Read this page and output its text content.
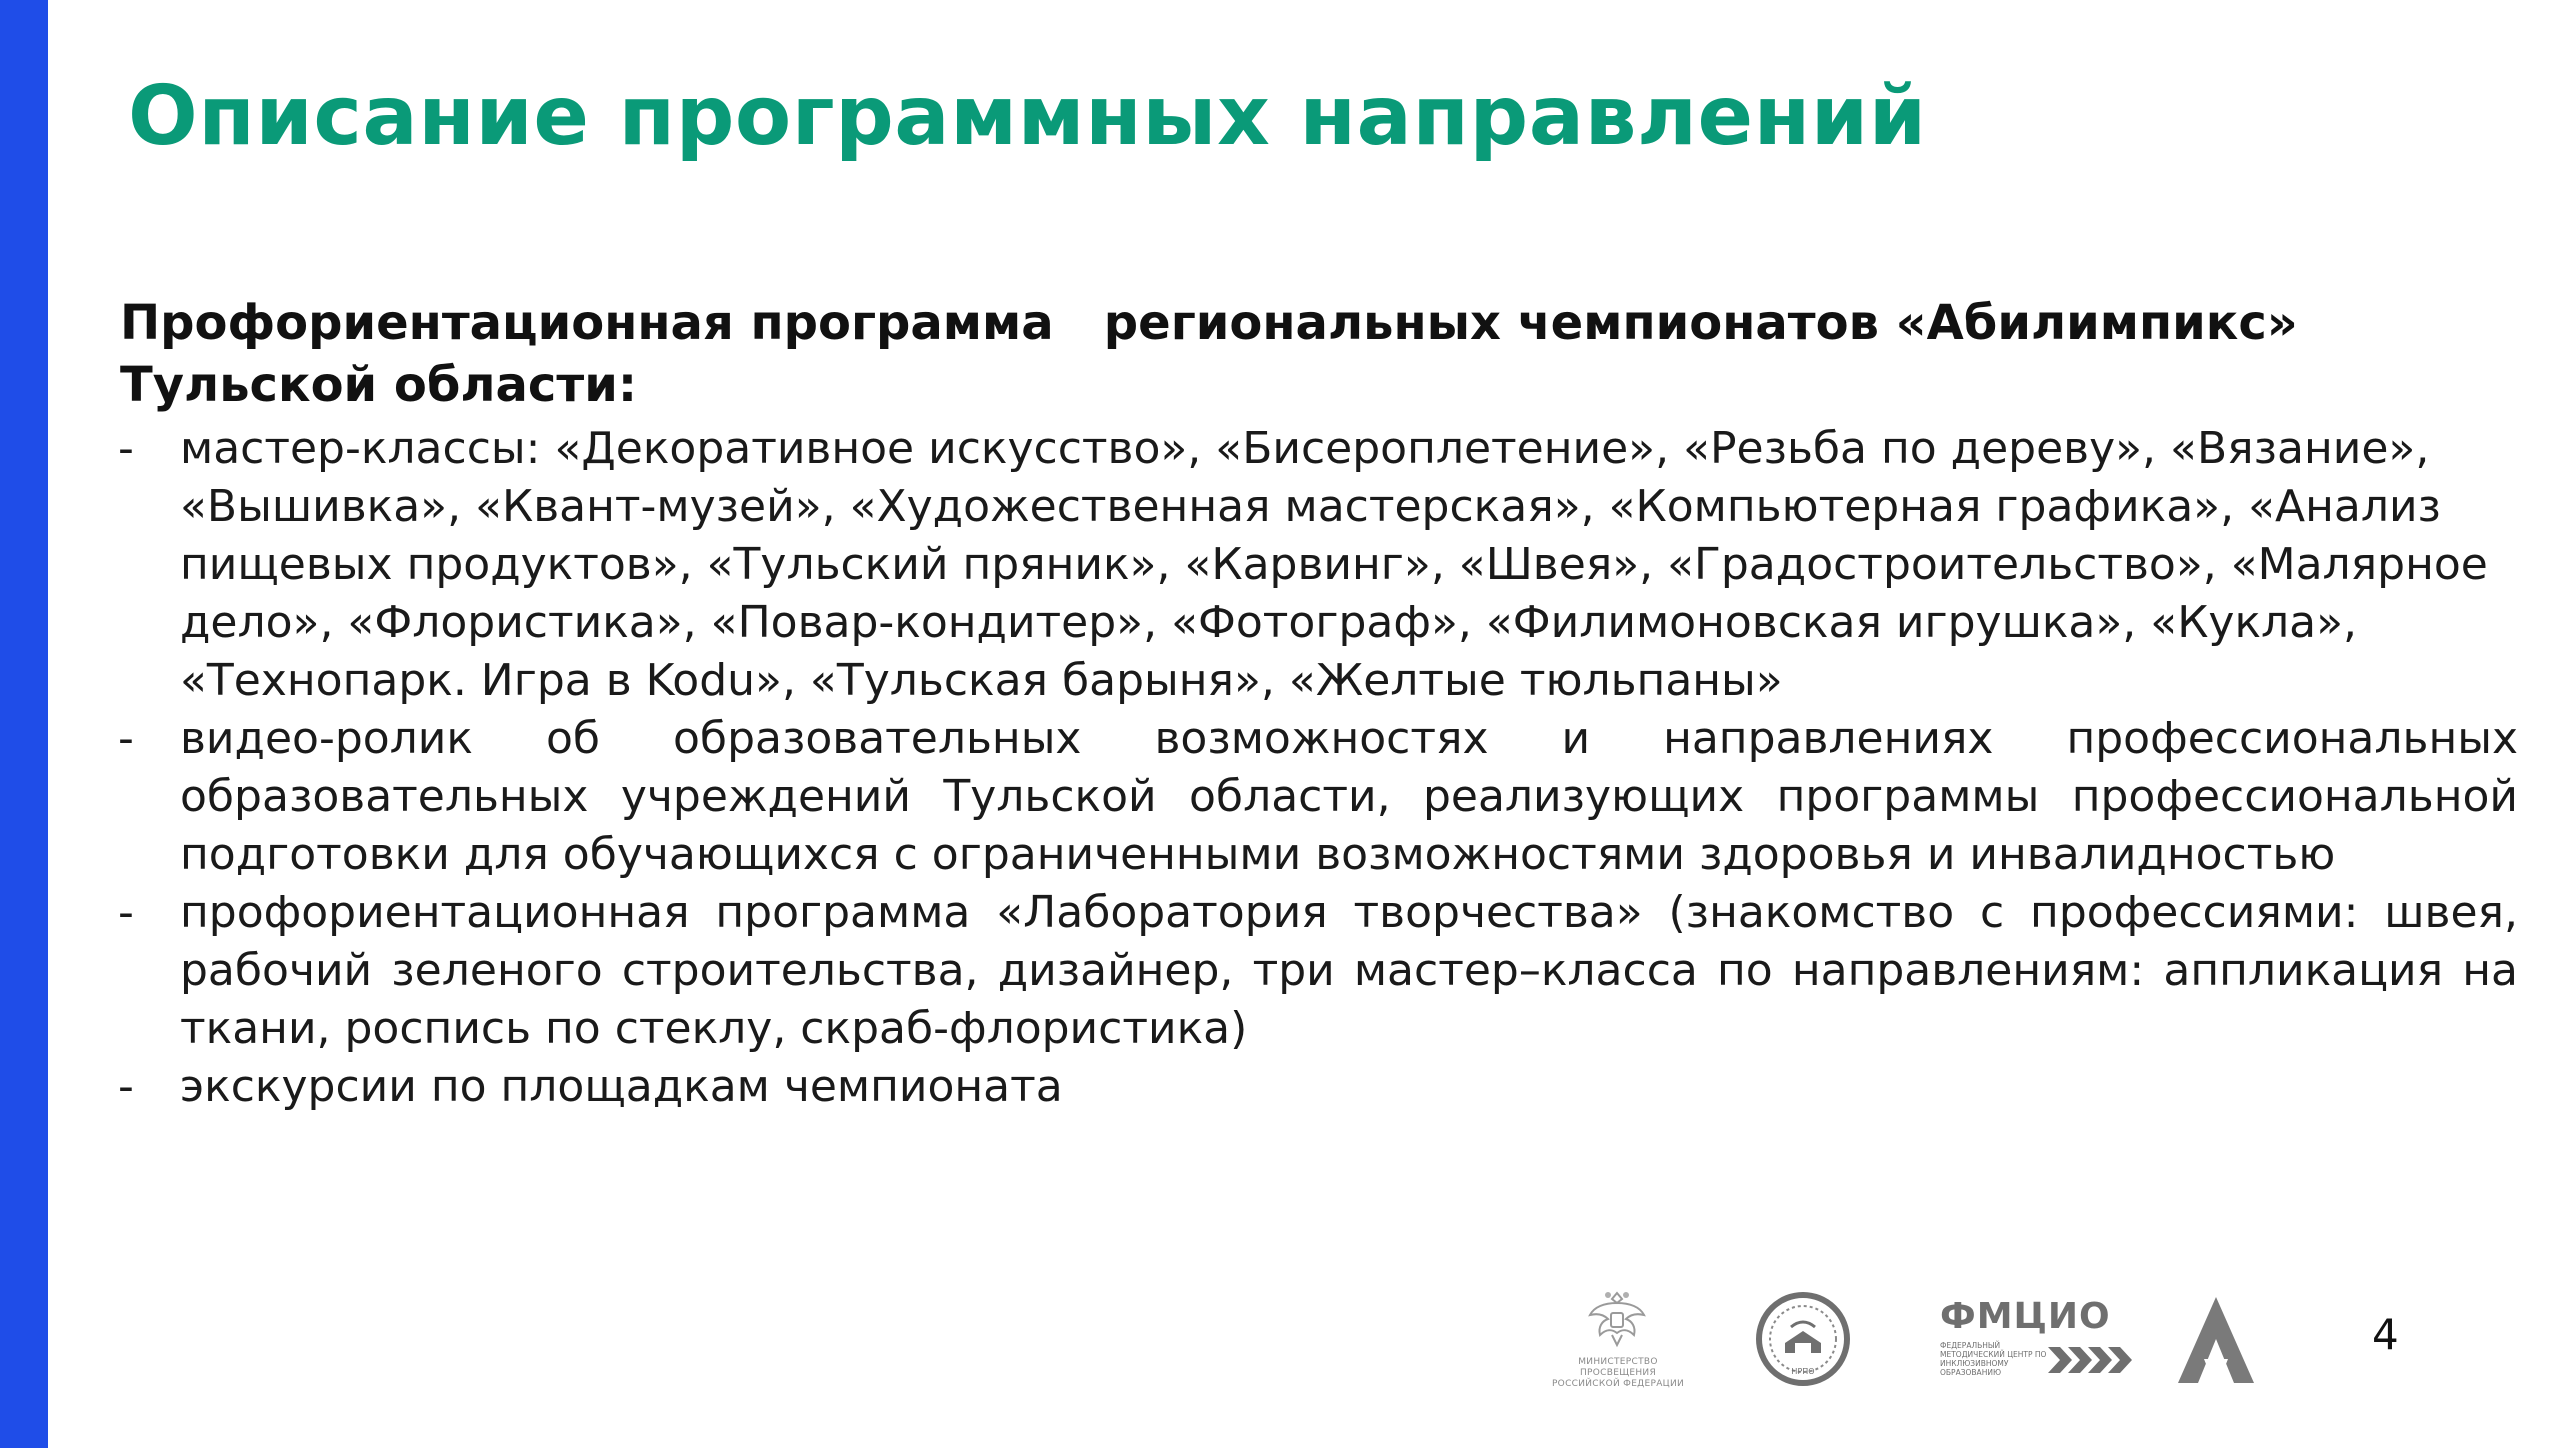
Описание программных направлений
Профориентационная программа   региональных чемпионатов «Абилимпикс»
Тульской области:
- мастер-классы: «Декоративное искусство», «Бисероплетение», «Резьба по дереву», «Вязание»,
«Вышивка», «Квант-музей», «Художественная мастерская», «Компьютерная графика», «Анализ
пищевых продуктов», «Тульский пряник», «Карвинг», «Швея», «Градостроительство», «Малярное
дело», «Флористика», «Повар-кондитер», «Фотограф», «Филимоновская игрушка», «Кукла»,
«Технопарк. Игра в Kodu», «Тульская барыня», «Желтые тюльпаны»
- видео-ролик об образовательных возможностях и направлениях профессиональных образовательных учреждений Тульской области, реализующих программы профессиональной подготовки для обучающихся с ограниченными возможностями здоровья и инвалидностью
- профориентационная программа «Лаборатория творчества» (знакомство с профессиями: швея, рабочий зеленого строительства, дизайнер, три мастер–класса по направлениям: аппликация на ткани, роспись по стеклу, скраб-флористика)
- экскурсии по площадкам чемпионата
МИНИСТЕРСТВО ПРОСВЕЩЕНИЯ РОССИЙСКОЙ ФЕДЕРАЦИИ
НРПО
ФМЦИО
ФЕДЕРАЛЬНЫЙ МЕТОДИЧЕСКИЙ ЦЕНТР ПО ИНКЛЮЗИВНОМУ ОБРАЗОВАНИЮ
4
